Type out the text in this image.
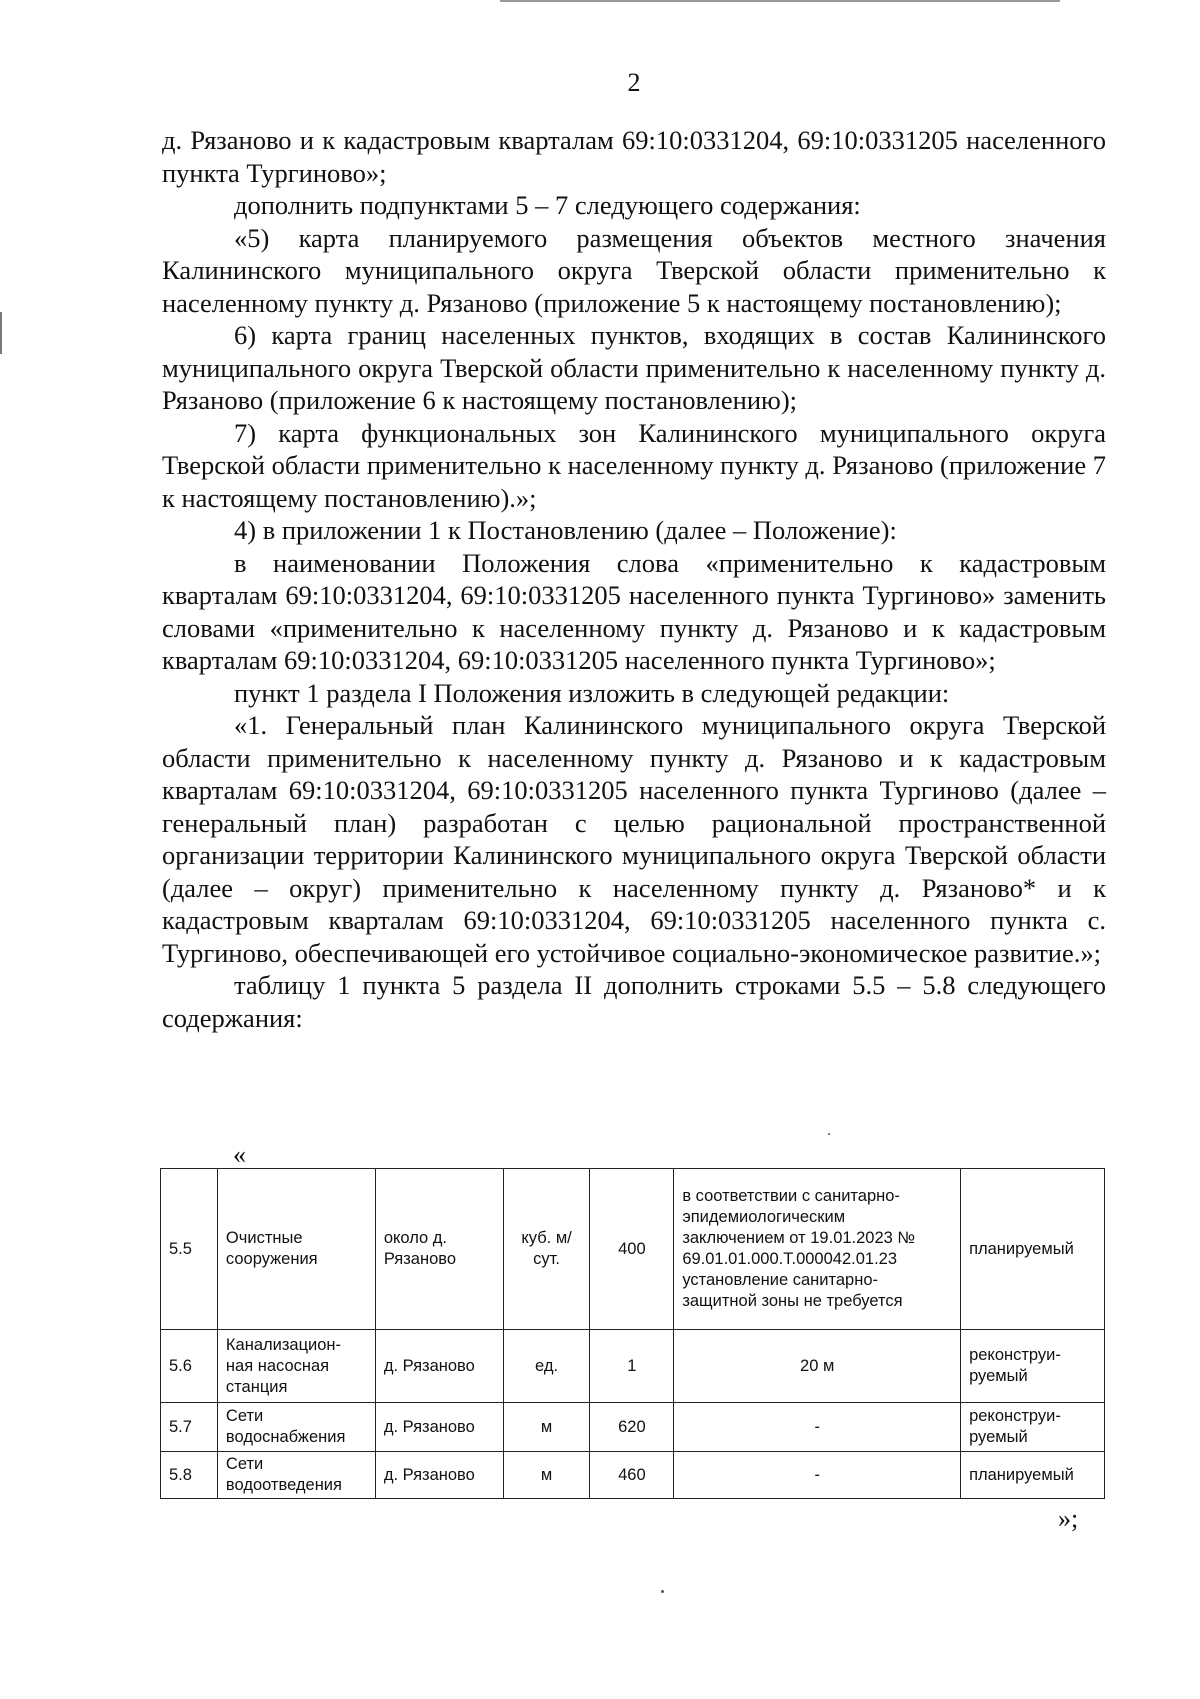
2

д. Рязаново и к кадастровым кварталам 69:10:0331204, 69:10:0331205 населенного пункта Тургиново»;

дополнить подпунктами 5 – 7 следующего содержания:

«5) карта планируемого размещения объектов местного значения Калининского муниципального округа Тверской области применительно к населенному пункту д. Рязаново (приложение 5 к настоящему постановлению);

6) карта границ населенных пунктов, входящих в состав Калининского муниципального округа Тверской области применительно к населенному пункту д. Рязаново (приложение 6 к настоящему постановлению);

7) карта функциональных зон Калининского муниципального округа Тверской области применительно к населенному пункту д. Рязаново (приложение 7 к настоящему постановлению).»;

4) в приложении 1 к Постановлению (далее – Положение):

в наименовании Положения слова «применительно к кадастровым кварталам 69:10:0331204, 69:10:0331205 населенного пункта Тургиново» заменить словами «применительно к населенному пункту д. Рязаново и к кадастровым кварталам 69:10:0331204, 69:10:0331205 населенного пункта Тургиново»;

пункт 1 раздела I Положения изложить в следующей редакции:

«1. Генеральный план Калининского муниципального округа Тверской области применительно к населенному пункту д. Рязаново и к кадастровым кварталам 69:10:0331204, 69:10:0331205 населенного пункта Тургиново (далее – генеральный план) разработан с целью рациональной пространственной организации территории Калининского муниципального округа Тверской области (далее – округ) применительно к населенному пункту д. Рязаново* и к кадастровым кварталам 69:10:0331204, 69:10:0331205 населенного пункта с. Тургиново, обеспечивающей его устойчивое социально-экономическое развитие.»;

таблицу 1 пункта 5 раздела II дополнить строками 5.5 – 5.8 следующего содержания:

«
5.5	Очистные сооружения	около д. Рязаново	куб. м/ сут.	400	в соответствии с санитарно-эпидемиологическим заключением от 19.01.2023 № 69.01.01.000.Т.000042.01.23 установление санитарно-защитной зоны не требуется	планируемый
5.6	Канализацион-ная насосная станция	д. Рязаново	ед.	1	20 м	реконструи-руемый
5.7	Сети водоснабжения	д. Рязаново	м	620	-	реконструи-руемый
5.8	Сети водоотведения	д. Рязаново	м	460	-	планируемый
»;
